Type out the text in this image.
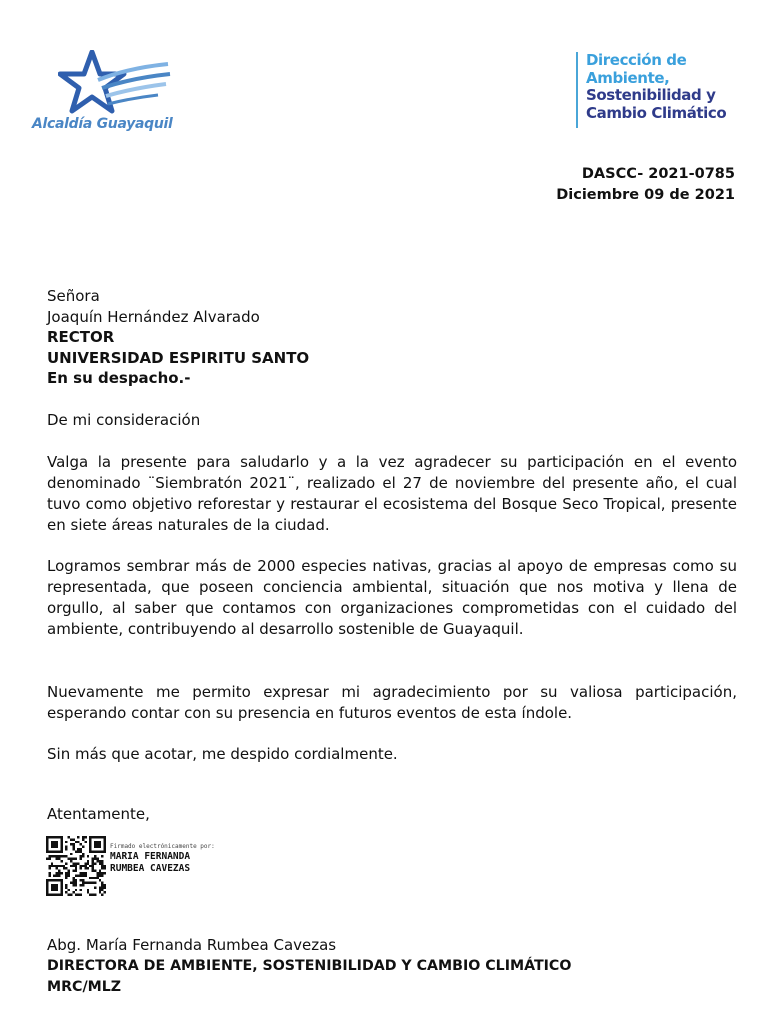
Alcaldía Guayaquil
Dirección de
Ambiente,
Sostenibilidad y
Cambio Climático
DASCC- 2021-0785
Diciembre 09 de 2021
Señora
Joaquín Hernández Alvarado
RECTOR
UNIVERSIDAD ESPIRITU SANTO
En su despacho.-
De mi consideración
Valga la presente para saludarlo y a la vez agradecer su participación en el evento denominado ¨Siembratón 2021¨, realizado el 27 de noviembre del presente año, el cual tuvo como objetivo reforestar y restaurar el ecosistema del Bosque Seco Tropical, presente en siete áreas naturales de la ciudad.
Logramos sembrar más de 2000 especies nativas, gracias al apoyo de empresas como su representada, que poseen conciencia ambiental, situación que nos motiva y llena de orgullo, al saber que contamos con organizaciones comprometidas con el cuidado del ambiente, contribuyendo al desarrollo sostenible de Guayaquil.
Nuevamente me permito expresar mi agradecimiento por su valiosa participación, esperando contar con su presencia en futuros eventos de esta índole.
Sin más que acotar, me despido cordialmente.
Atentamente,
Firmado electrónicamente por:
MARIA FERNANDA
RUMBEA CAVEZAS
Abg. María Fernanda Rumbea Cavezas
DIRECTORA DE AMBIENTE, SOSTENIBILIDAD Y CAMBIO CLIMÁTICO
MRC/MLZ
